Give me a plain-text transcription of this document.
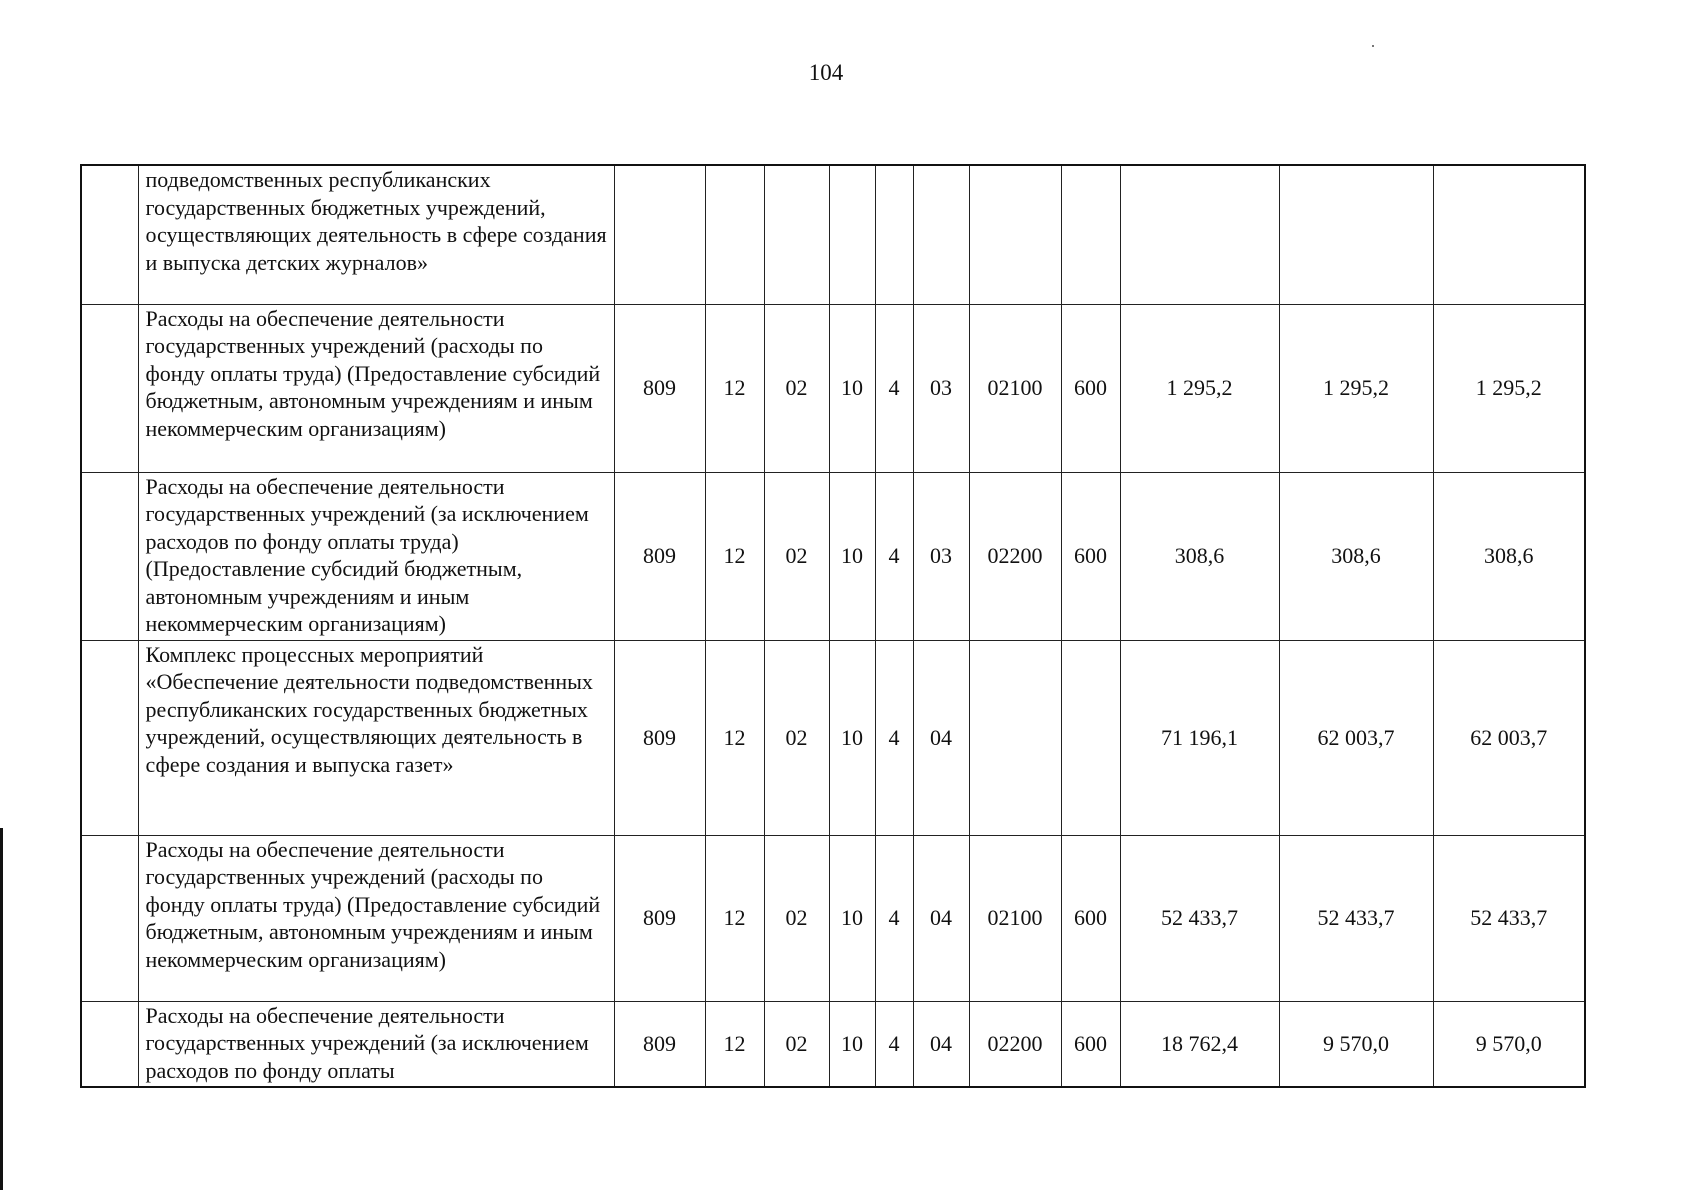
104
	подведомственных республиканских государственных бюджетных учреждений, осуществляющих деятельность в сфере создания и выпуска детских журналов»											
	Расходы на обеспечение деятельности государственных учреждений (расходы по фонду оплаты труда) (Предоставление субсидий бюджетным, автономным учреждениям и иным некоммерческим организациям)	809	12	02	10	4	03	02100	600	1 295,2	1 295,2	1 295,2
	Расходы на обеспечение деятельности государственных учреждений (за исключением расходов по фонду оплаты труда) (Предоставление субсидий бюджетным, автономным учреждениям и иным некоммерческим организациям)	809	12	02	10	4	03	02200	600	308,6	308,6	308,6
	Комплекс процессных мероприятий «Обеспечение деятельности подведомственных республиканских государственных бюджетных учреждений, осуществляющих деятельность в сфере создания и выпуска газет»	809	12	02	10	4	04			71 196,1	62 003,7	62 003,7
	Расходы на обеспечение деятельности государственных учреждений (расходы по фонду оплаты труда) (Предоставление субсидий бюджетным, автономным учреждениям и иным некоммерческим организациям)	809	12	02	10	4	04	02100	600	52 433,7	52 433,7	52 433,7
	Расходы на обеспечение деятельности государственных учреждений (за исключением расходов по фонду оплаты	809	12	02	10	4	04	02200	600	18 762,4	9 570,0	9 570,0
